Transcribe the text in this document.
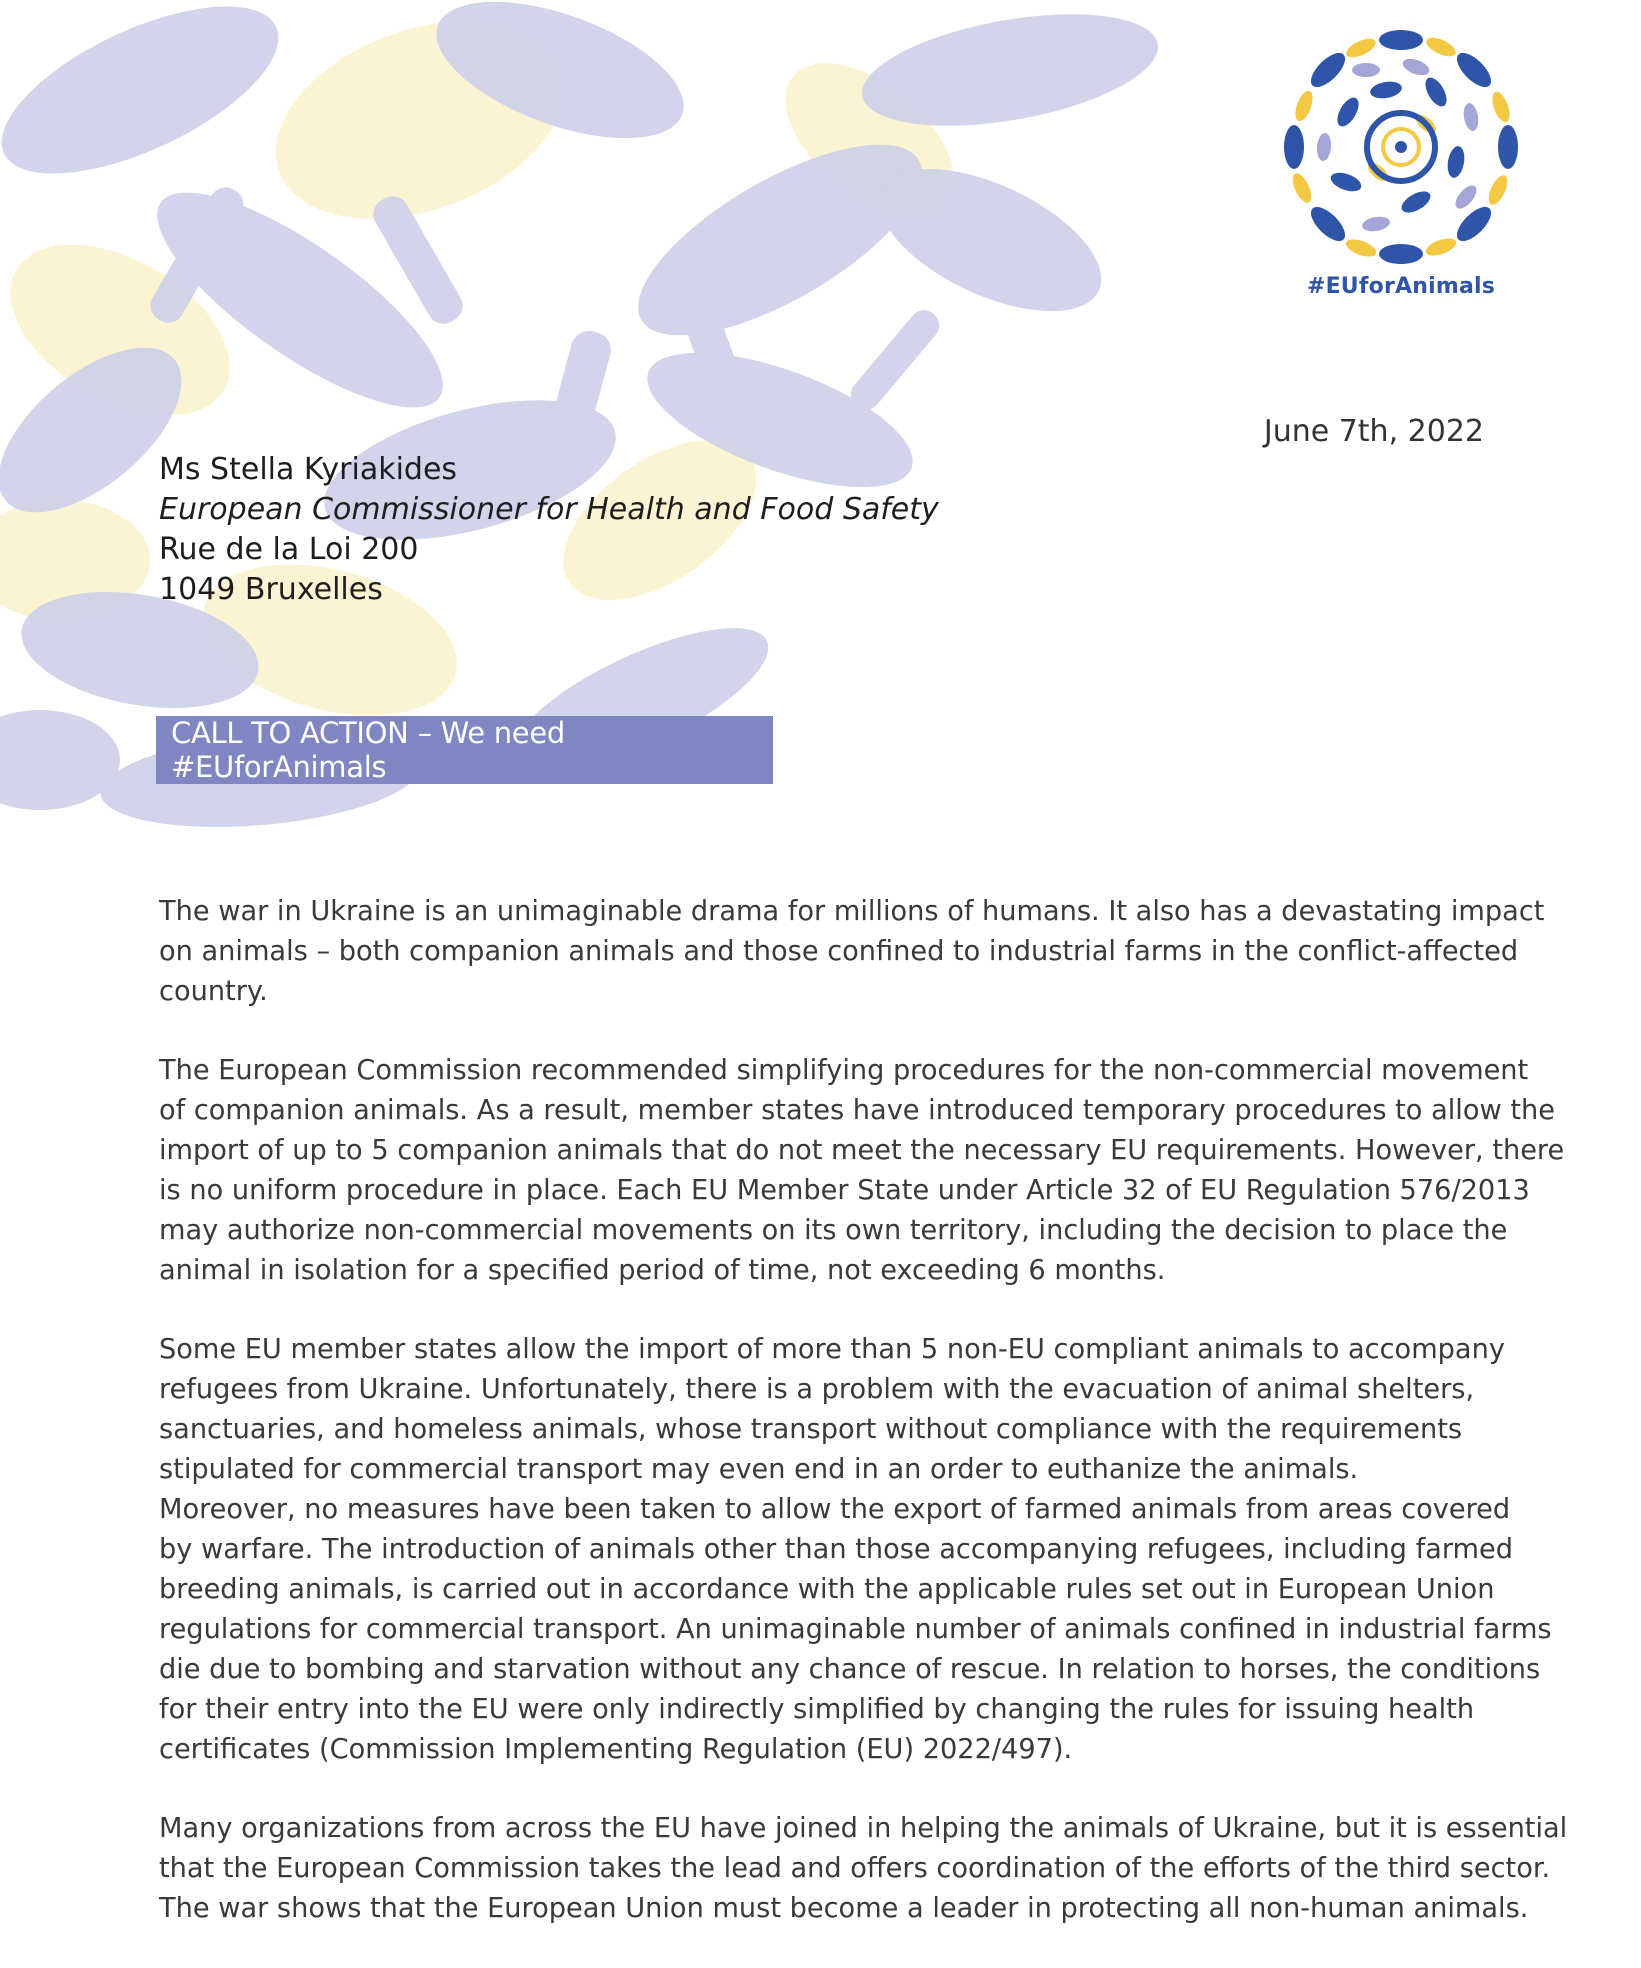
#EUforAnimals
June 7th, 2022
Ms Stella Kyriakides
European Commissioner for Health and Food Safety
Rue de la Loi 200
1049 Bruxelles
CALL TO ACTION – We need #EUforAnimals

The war in Ukraine is an unimaginable drama for millions of humans. It also has a devastating impact
on animals – both companion animals and those confined to industrial farms in the conflict-affected
country.

The European Commission recommended simplifying procedures for the non-commercial movement
of companion animals. As a result, member states have introduced temporary procedures to allow the
import of up to 5 companion animals that do not meet the necessary EU requirements. However, there
is no uniform procedure in place. Each EU Member State under Article 32 of EU Regulation 576/2013
may authorize non-commercial movements on its own territory, including the decision to place the
animal in isolation for a specified period of time, not exceeding 6 months.

Some EU member states allow the import of more than 5 non-EU compliant animals to accompany
refugees from Ukraine. Unfortunately, there is a problem with the evacuation of animal shelters,
sanctuaries, and homeless animals, whose transport without compliance with the requirements
stipulated for commercial transport may even end in an order to euthanize the animals.
Moreover, no measures have been taken to allow the export of farmed animals from areas covered
by warfare. The introduction of animals other than those accompanying refugees, including farmed
breeding animals, is carried out in accordance with the applicable rules set out in European Union
regulations for commercial transport. An unimaginable number of animals confined in industrial farms
die due to bombing and starvation without any chance of rescue. In relation to horses, the conditions
for their entry into the EU were only indirectly simplified by changing the rules for issuing health
certificates (Commission Implementing Regulation (EU) 2022/497).

Many organizations from across the EU have joined in helping the animals of Ukraine, but it is essential
that the European Commission takes the lead and offers coordination of the efforts of the third sector.
The war shows that the European Union must become a leader in protecting all non-human animals.
